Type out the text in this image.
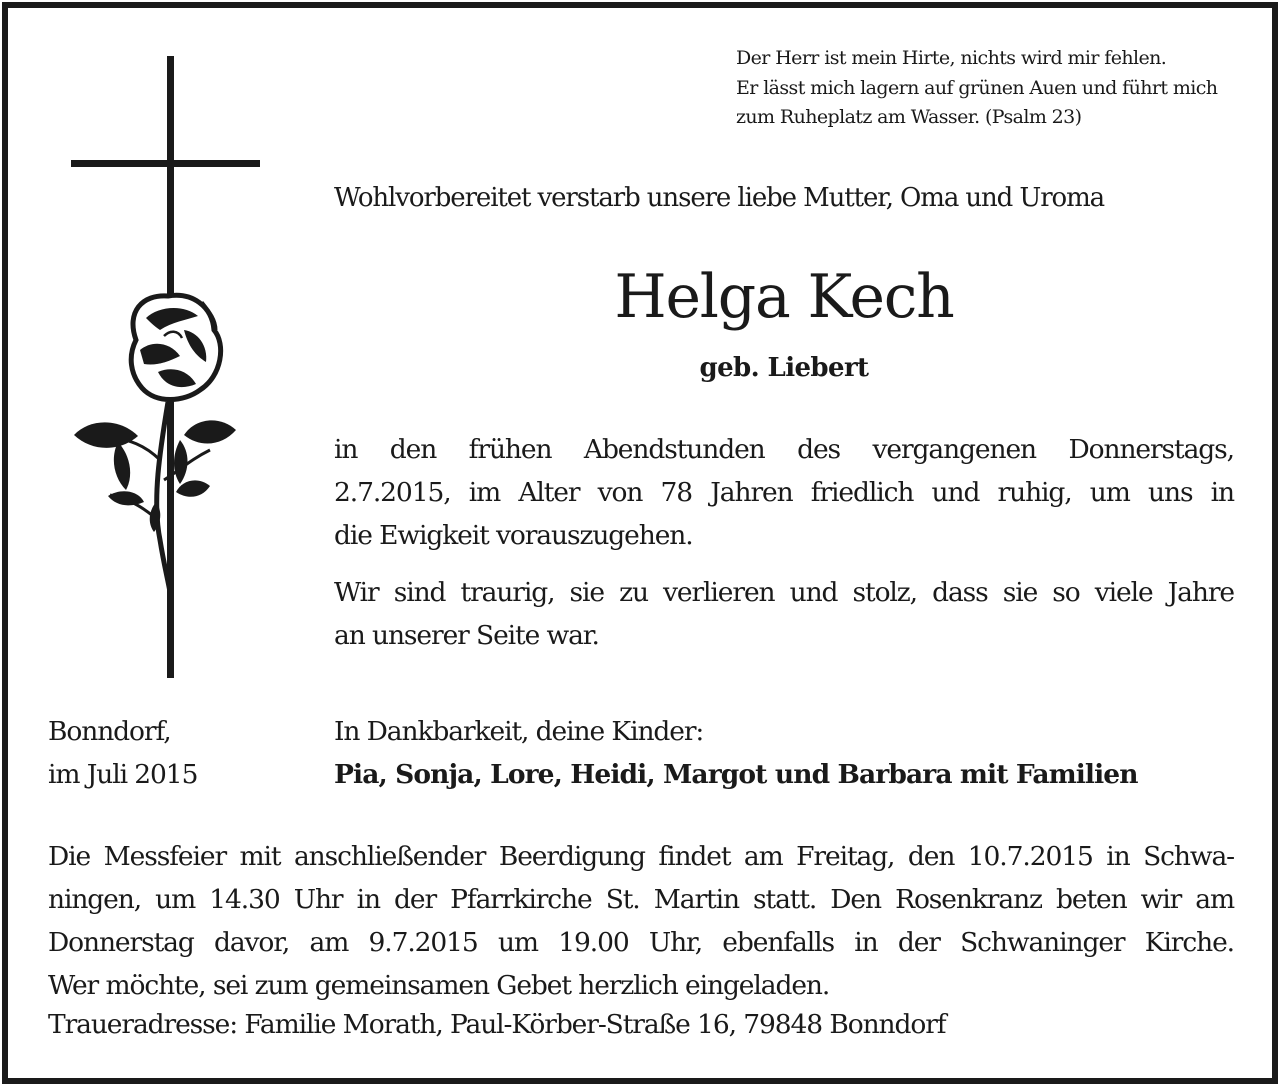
Der Herr ist mein Hirte, nichts wird mir fehlen.
Er lässt mich lagern auf grünen Auen und führt mich
zum Ruheplatz am Wasser. (Psalm 23)
Wohlvorbereitet verstarb unsere liebe Mutter, Oma und Uroma
Helga Kech
geb. Liebert
in den frühen Abendstunden des vergangenen Donnerstags,
2.7.2015, im Alter von 78 Jahren friedlich und ruhig, um uns in
die Ewigkeit vorauszugehen.
Wir sind traurig, sie zu verlieren und stolz, dass sie so viele Jahre
an unserer Seite war.
Bonndorf,
im Juli 2015
In Dankbarkeit, deine Kinder:
Pia, Sonja, Lore, Heidi, Margot und Barbara mit Familien
Die Messfeier mit anschließender Beerdigung findet am Freitag, den 10.7.2015 in Schwa-
ningen, um 14.30 Uhr in der Pfarrkirche St. Martin statt. Den Rosenkranz beten wir am
Donnerstag davor, am 9.7.2015 um 19.00 Uhr, ebenfalls in der Schwaninger Kirche.
Wer möchte, sei zum gemeinsamen Gebet herzlich eingeladen.
Traueradresse: Familie Morath, Paul-Körber-Straße 16, 79848 Bonndorf
